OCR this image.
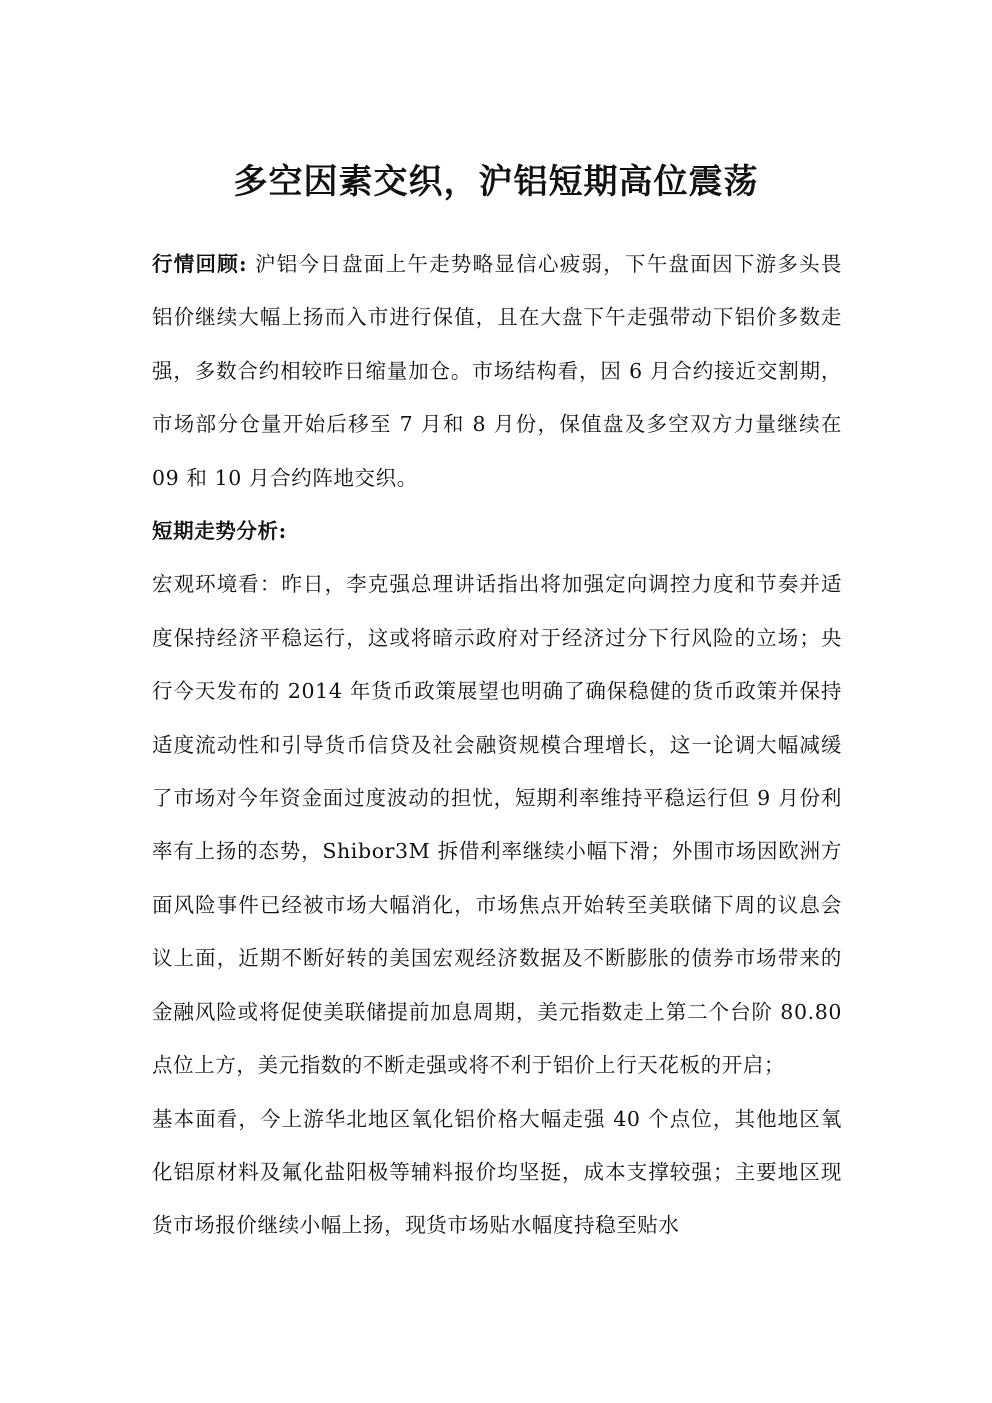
多空因素交织，沪铝短期高位震荡

行情回顾: 沪铝今日盘面上午走势略显信心疲弱，下午盘面因下游多头畏铝价继续大幅上扬而入市进行保值，且在大盘下午走强带动下铝价多数走强，多数合约相较昨日缩量加仓。市场结构看，因 6 月合约接近交割期，市场部分仓量开始后移至 7 月和 8 月份，保值盘及多空双方力量继续在 09 和 10 月合约阵地交织。

短期走势分析:

宏观环境看：昨日，李克强总理讲话指出将加强定向调控力度和节奏并适度保持经济平稳运行，这或将暗示政府对于经济过分下行风险的立场；央行今天发布的 2014 年货币政策展望也明确了确保稳健的货币政策并保持适度流动性和引导货币信贷及社会融资规模合理增长，这一论调大幅减缓了市场对今年资金面过度波动的担忧，短期利率维持平稳运行但 9 月份利率有上扬的态势，Shibor3M 拆借利率继续小幅下滑；外围市场因欧洲方面风险事件已经被市场大幅消化，市场焦点开始转至美联储下周的议息会议上面，近期不断好转的美国宏观经济数据及不断膨胀的债券市场带来的金融风险或将促使美联储提前加息周期，美元指数走上第二个台阶 80.80 点位上方，美元指数的不断走强或将不利于铝价上行天花板的开启；

基本面看，今上游华北地区氧化铝价格大幅走强 40 个点位，其他地区氧化铝原材料及氟化盐阳极等辅料报价均坚挺，成本支撑较强；主要地区现货市场报价继续小幅上扬，现货市场贴水幅度持稳至贴水
